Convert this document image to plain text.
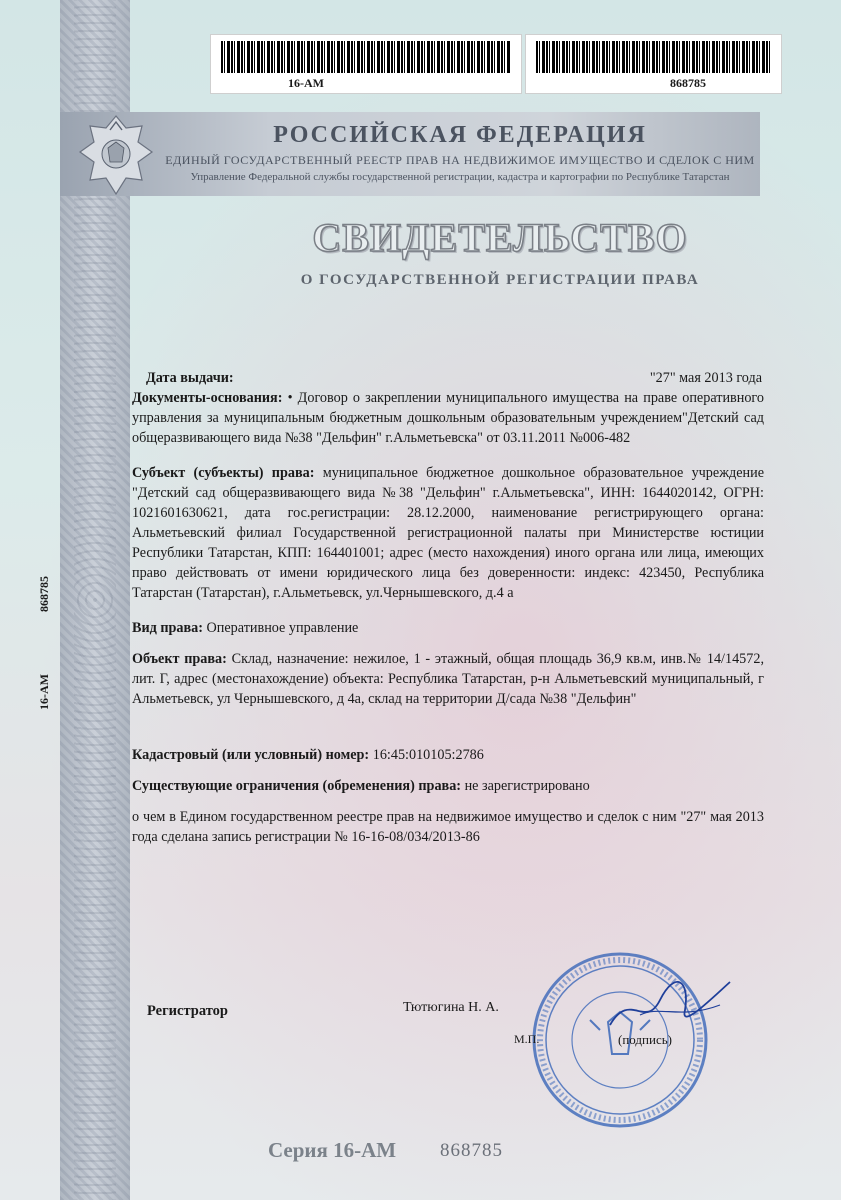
16-AM	868785
РОССИЙСКАЯ ФЕДЕРАЦИЯ
ЕДИНЫЙ ГОСУДАРСТВЕННЫЙ РЕЕСТР ПРАВ НА НЕДВИЖИМОЕ ИМУЩЕСТВО И СДЕЛОК С НИМ
Управление Федеральной службы государственной регистрации, кадастра и картографии по Республике Татарстан
СВИДЕТЕЛЬСТВО
О ГОСУДАРСТВЕННОЙ РЕГИСТРАЦИИ ПРАВА
868785
16-AM
Дата выдачи:	"27" мая 2013 года

Документы-основания: • Договор о закреплении муниципального имущества на праве оперативного управления за муниципальным бюджетным дошкольным образовательным учреждением"Детский сад общеразвивающего вида №38 "Дельфин" г.Альметьевска" от 03.11.2011 №006-482

Субъект (субъекты) права: муниципальное бюджетное дошкольное образовательное учреждение "Детский сад общеразвивающего вида №38 "Дельфин" г.Альметьевска", ИНН: 1644020142, ОГРН: 1021601630621, дата гос.регистрации: 28.12.2000, наименование регистрирующего органа: Альметьевский филиал Государственной регистрационной палаты при Министерстве юстиции Республики Татарстан, КПП: 164401001; адрес (место нахождения) иного органа или лица, имеющих право действовать от имени юридического лица без доверенности: индекс: 423450, Республика Татарстан (Татарстан), г.Альметьевск, ул.Чернышевского, д.4 а

Вид права: Оперативное управление

Объект права: Склад, назначение: нежилое, 1 - этажный, общая площадь 36,9 кв.м, инв.№ 14/14572, лит. Г, адрес (местонахождение) объекта: Республика Татарстан, р-н Альметьевский муниципальный, г Альметьевск, ул Чернышевского, д 4а, склад на территории Д/сада №38 "Дельфин"

Кадастровый (или условный) номер: 16:45:010105:2786

Существующие ограничения (обременения) права: не зарегистрировано

о чем в Едином государственном реестре прав на недвижимое имущество и сделок с ним "27" мая 2013 года сделана запись регистрации № 16-16-08/034/2013-86

Регистратор	Тютюгина Н. А.
М.П.	(подпись)
Серия 16-АМ 868785
